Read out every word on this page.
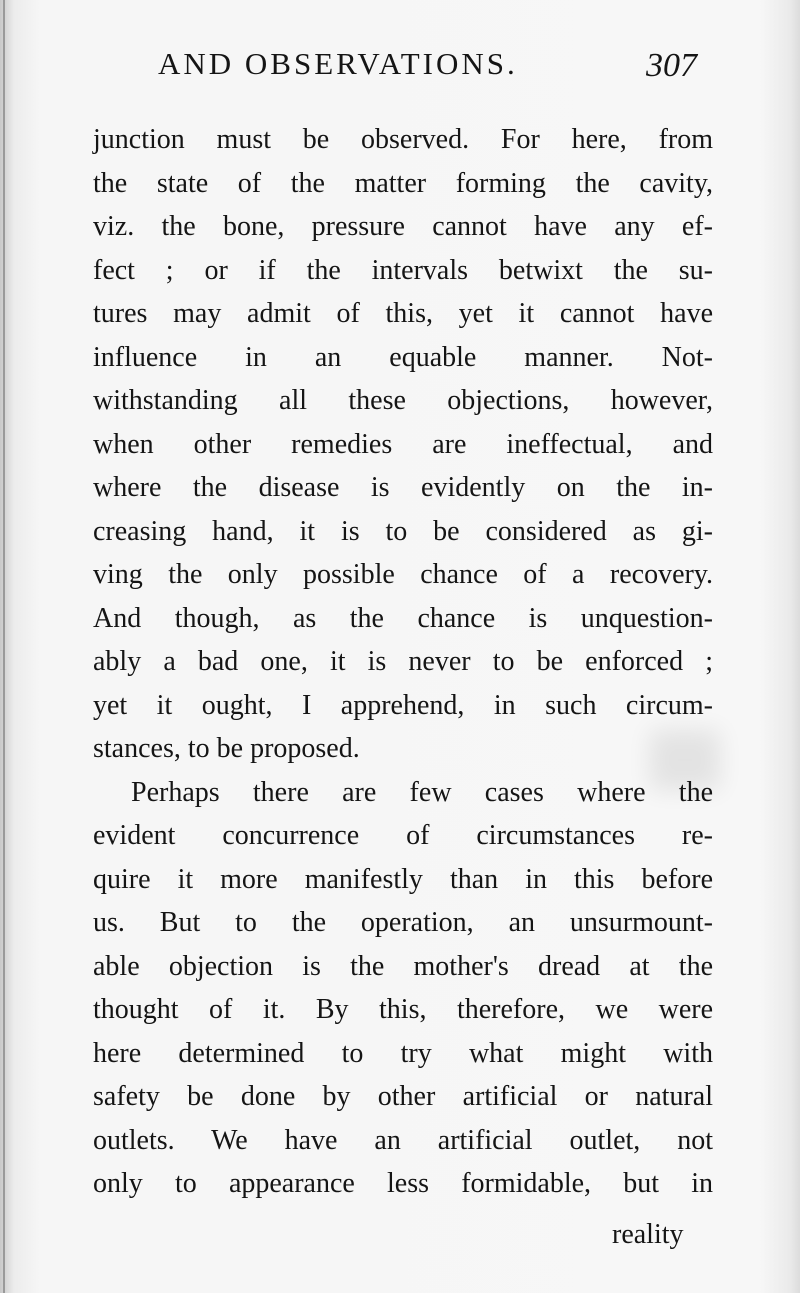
AND OBSERVATIONS.	307
junction must be observed. For here, from
the state of the matter forming the cavity,
viz. the bone, pressure cannot have any ef-
fect ; or if the intervals betwixt the su-
tures may admit of this, yet it cannot have
influence in an equable manner. Not-
withstanding all these objections, however,
when other remedies are ineffectual, and
where the disease is evidently on the in-
creasing hand, it is to be considered as gi-
ving the only possible chance of a recovery.
And though, as the chance is unquestion-
ably a bad one, it is never to be enforced ;
yet it ought, I apprehend, in such circum-
stances, to be proposed.
Perhaps there are few cases where the
evident concurrence of circumstances re-
quire it more manifestly than in this before
us. But to the operation, an unsurmount-
able objection is the mother's dread at the
thought of it. By this, therefore, we were
here determined to try what might with
safety be done by other artificial or natural
outlets. We have an artificial outlet, not
only to appearance less formidable, but in
reality
